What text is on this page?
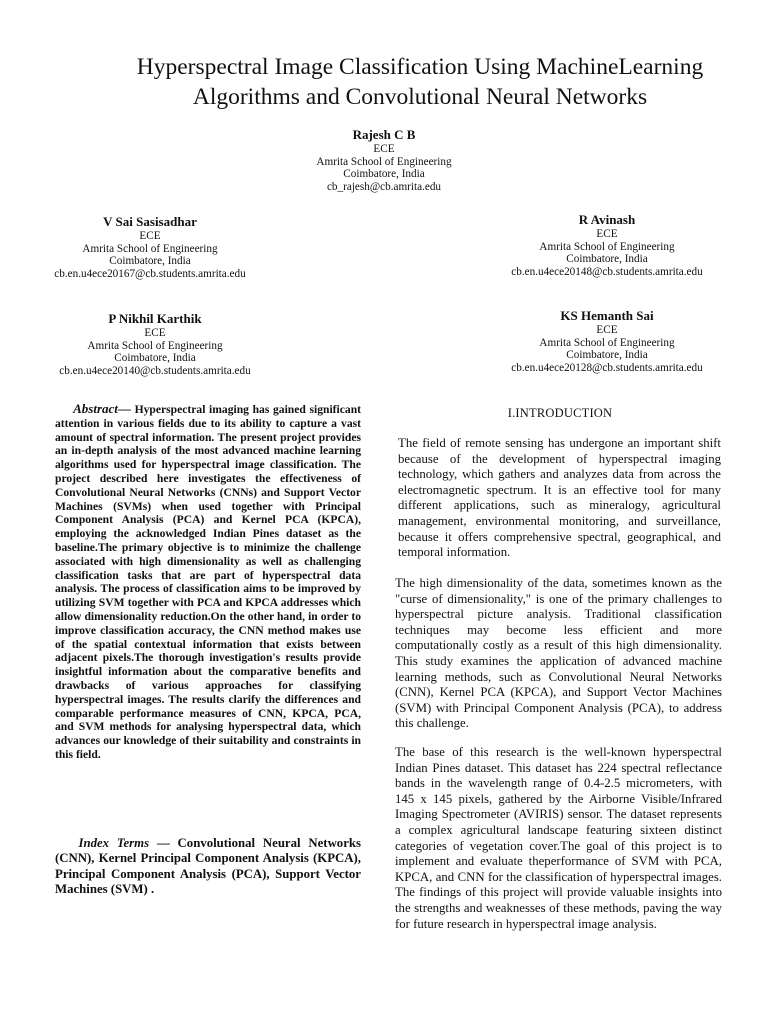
Hyperspectral Image Classification Using MachineLearning
Algorithms and Convolutional Neural Networks
Rajesh C B
ECE
Amrita School of Engineering
Coimbatore, India
cb_rajesh@cb.amrita.edu
V Sai Sasisadhar
ECE
Amrita School of Engineering
Coimbatore, India
cb.en.u4ece20167@cb.students.amrita.edu
R Avinash
ECE
Amrita School of Engineering
Coimbatore, India
cb.en.u4ece20148@cb.students.amrita.edu
P Nikhil Karthik
ECE
Amrita School of Engineering
Coimbatore, India
cb.en.u4ece20140@cb.students.amrita.edu
KS Hemanth Sai
ECE
Amrita School of Engineering
Coimbatore, India
cb.en.u4ece20128@cb.students.amrita.edu

Abstract— Hyperspectral imaging has gained significant attention in various fields due to its ability to capture a vast amount of spectral information. The present project provides an in-depth analysis of the most advanced machine learning algorithms used for hyperspectral image classification. The project described here investigates the effectiveness of Convolutional Neural Networks (CNNs) and Support Vector Machines (SVMs) when used together with Principal Component Analysis (PCA) and Kernel PCA (KPCA), employing the acknowledged Indian Pines dataset as the baseline.The primary objective is to minimize the challenge associated with high dimensionality as well as challenging classification tasks that are part of hyperspectral data analysis. The process of classification aims to be improved by utilizing SVM together with PCA and KPCA addresses which allow dimensionality reduction.On the other hand, in order to improve classification accuracy, the CNN method makes use of the spatial contextual information that exists between adjacent pixels.The thorough investigation's results provide insightful information about the comparative benefits and drawbacks of various approaches for classifying hyperspectral images. The results clarify the differences and comparable performance measures of CNN, KPCA, PCA, and SVM methods for analysing hyperspectral data, which advances our knowledge of their suitability and constraints in this field.

Index Terms — Convolutional Neural Networks (CNN), Kernel Principal Component Analysis (KPCA), Principal Component Analysis (PCA), Support Vector Machines (SVM) .

I.INTRODUCTION

The field of remote sensing has undergone an important shift because of the development of hyperspectral imaging technology, which gathers and analyzes data from across the electromagnetic spectrum. It is an effective tool for many different applications, such as mineralogy, agricultural management, environmental monitoring, and surveillance, because it offers comprehensive spectral, geographical, and temporal information.

The high dimensionality of the data, sometimes known as the "curse of dimensionality," is one of the primary challenges to hyperspectral picture analysis. Traditional classification techniques may become less efficient and more computationally costly as a result of this high dimensionality. This study examines the application of advanced machine learning methods, such as Convolutional Neural Networks (CNN), Kernel PCA (KPCA), and Support Vector Machines (SVM) with Principal Component Analysis (PCA), to address this challenge.

The base of this research is the well-known hyperspectral Indian Pines dataset. This dataset has 224 spectral reflectance bands in the wavelength range of 0.4-2.5 micrometers, with 145 x 145 pixels, gathered by the Airborne Visible/Infrared Imaging Spectrometer (AVIRIS) sensor. The dataset represents a complex agricultural landscape featuring sixteen distinct categories of vegetation cover.The goal of this project is to implement and evaluate theperformance of SVM with PCA, KPCA, and CNN for the classification of hyperspectral images. The findings of this project will provide valuable insights into the strengths and weaknesses of these methods, paving the way for future research in hyperspectral image analysis.
